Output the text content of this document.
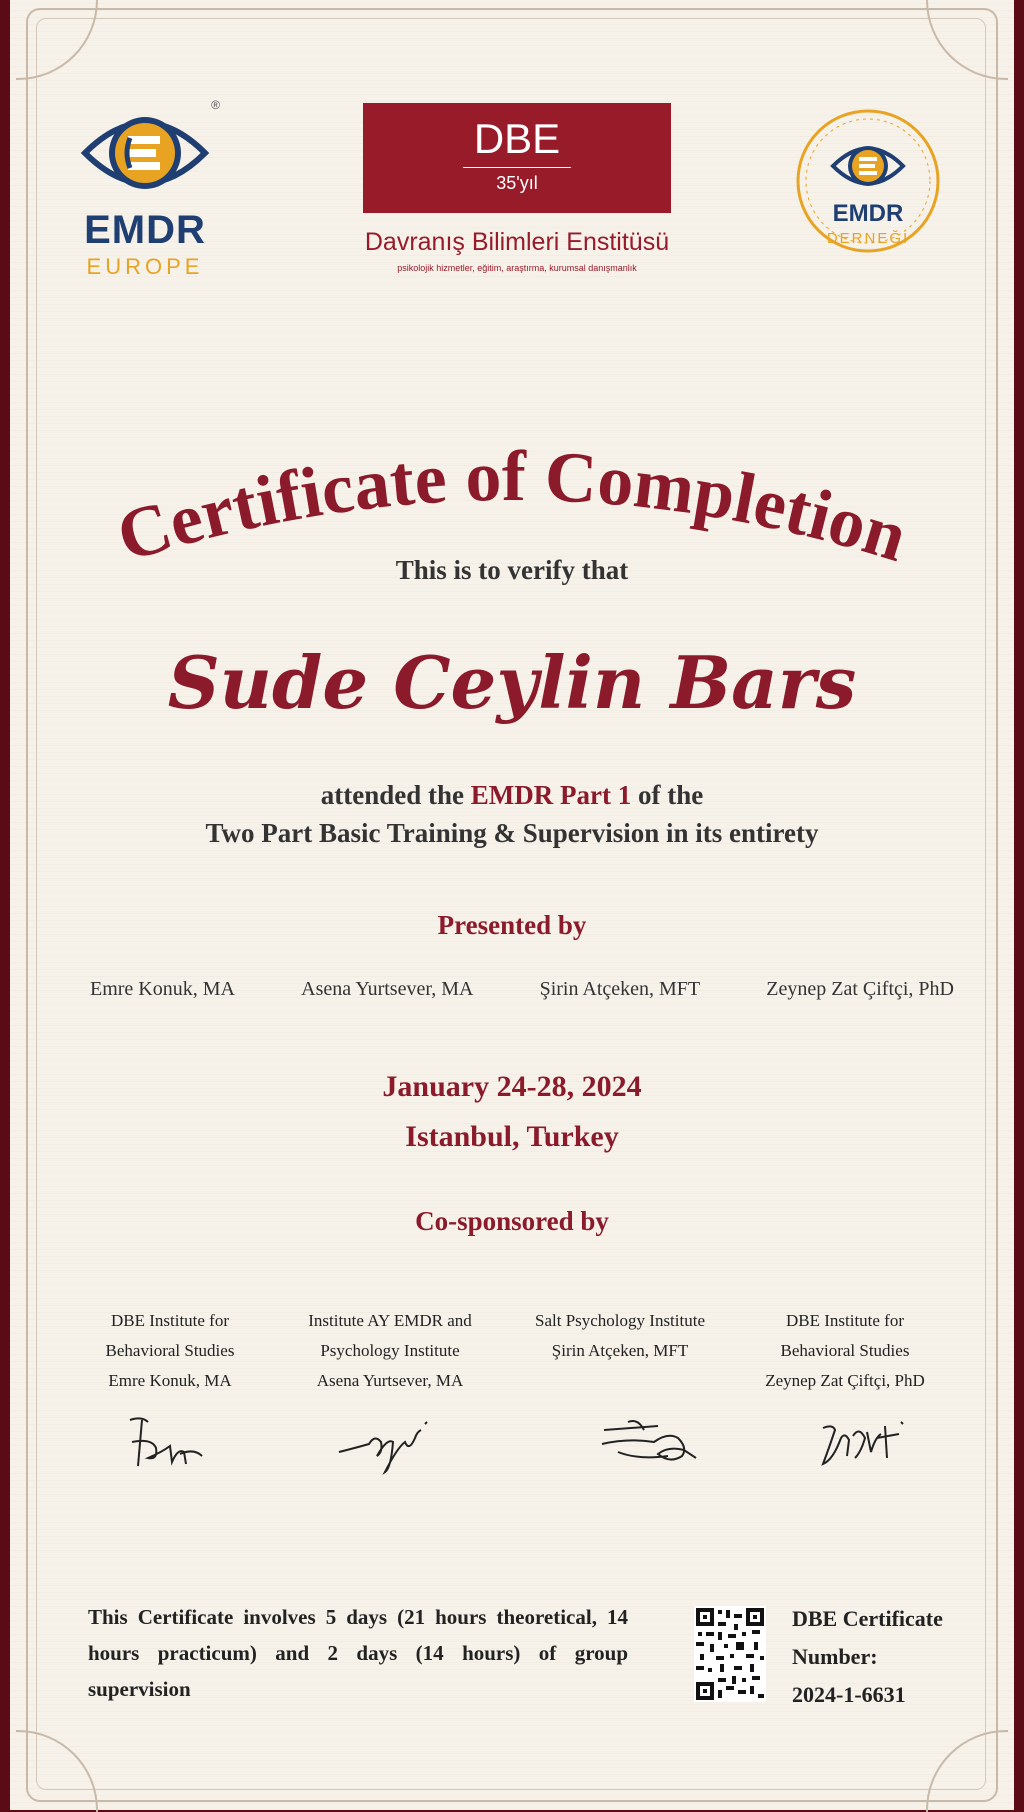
®
EMDR
EUROPE
DBE
35'yıl
Davranış Bilimleri Enstitüsü
psikolojik hizmetler, eğitim, araştırma, kurumsal danışmanlık
EMDR
DERNEĞİ
Certificate of Completion
This is to verify that
Sude Ceylin Bars
attended the EMDR Part 1 of the
Two Part Basic Training & Supervision in its entirety
Presented by
Emre Konuk, MA	Asena Yurtsever, MA	Şirin Atçeken, MFT	Zeynep Zat Çiftçi, PhD
January 24-28, 2024
Istanbul, Turkey
Co-sponsored by
DBE Institute for
Behavioral Studies
Emre Konuk, MA
Institute AY EMDR and
Psychology Institute
Asena Yurtsever, MA
Salt Psychology Institute
Şirin Atçeken, MFT
DBE Institute for
Behavioral Studies
Zeynep Zat Çiftçi, PhD
This Certificate involves 5 days (21 hours theoretical, 14 hours practicum) and 2 days (14 hours) of group supervision
DBE Certificate
Number:
2024-1-6631
